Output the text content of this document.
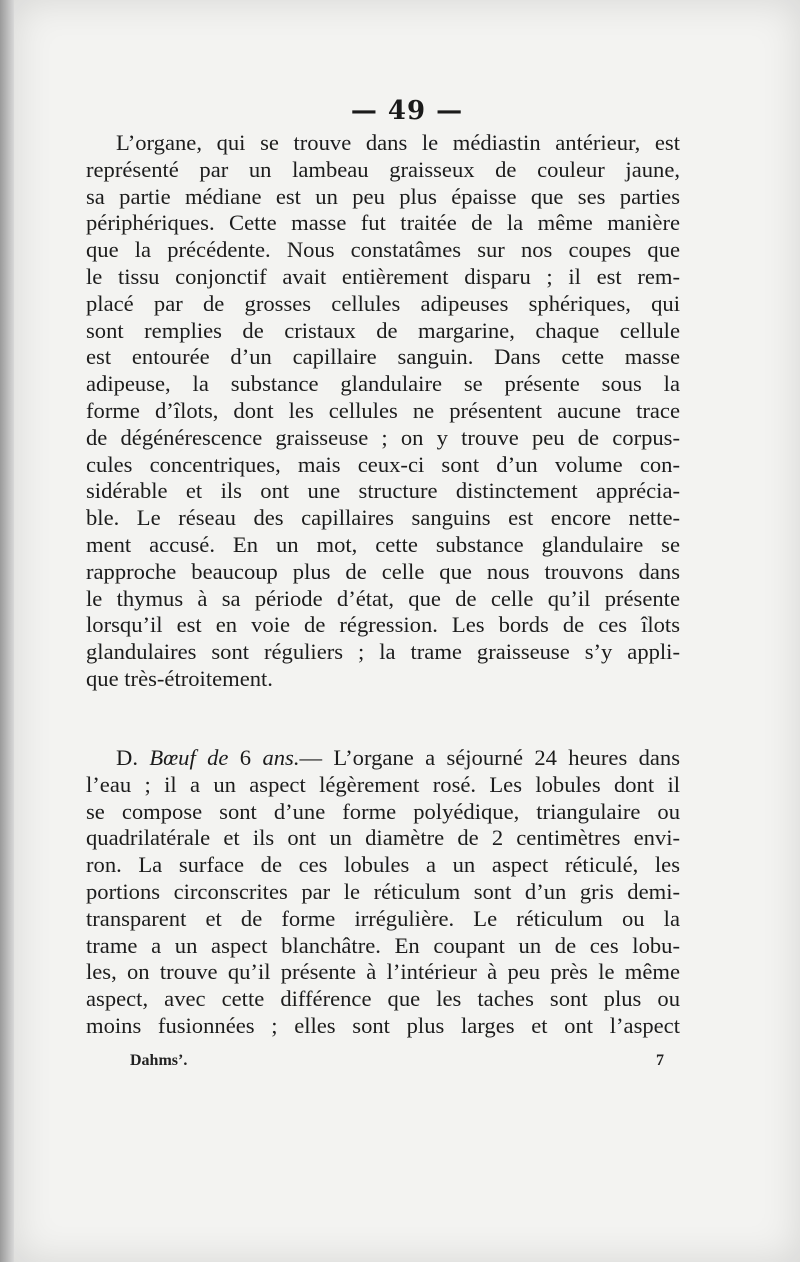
— 49 —
L’organe, qui se trouve dans le médiastin antérieur, est
représenté par un lambeau graisseux de couleur jaune,
sa partie médiane est un peu plus épaisse que ses parties
périphériques. Cette masse fut traitée de la même manière
que la précédente. Nous constatâmes sur nos coupes que
le tissu conjonctif avait entièrement disparu ; il est rem-
placé par de grosses cellules adipeuses sphériques, qui
sont remplies de cristaux de margarine, chaque cellule
est entourée d’un capillaire sanguin. Dans cette masse
adipeuse, la substance glandulaire se présente sous la
forme d’îlots, dont les cellules ne présentent aucune trace
de dégénérescence graisseuse ; on y trouve peu de corpus-
cules concentriques, mais ceux-ci sont d’un volume con-
sidérable et ils ont une structure distinctement apprécia-
ble. Le réseau des capillaires sanguins est encore nette-
ment accusé. En un mot, cette substance glandulaire se
rapproche beaucoup plus de celle que nous trouvons dans
le thymus à sa période d’état, que de celle qu’il présente
lorsqu’il est en voie de régression. Les bords de ces îlots
glandulaires sont réguliers ; la trame graisseuse s’y appli-
que très-étroitement.
D. Bœuf de 6 ans.— L’organe a séjourné 24 heures dans
l’eau ; il a un aspect légèrement rosé. Les lobules dont il
se compose sont d’une forme polyédique, triangulaire ou
quadrilatérale et ils ont un diamètre de 2 centimètres envi-
ron. La surface de ces lobules a un aspect réticulé, les
portions circonscrites par le réticulum sont d’un gris demi-
transparent et de forme irrégulière. Le réticulum ou la
trame a un aspect blanchâtre. En coupant un de ces lobu-
les, on trouve qu’il présente à l’intérieur à peu près le même
aspect, avec cette différence que les taches sont plus ou
moins fusionnées ; elles sont plus larges et ont l’aspect
Dahms’.	7
